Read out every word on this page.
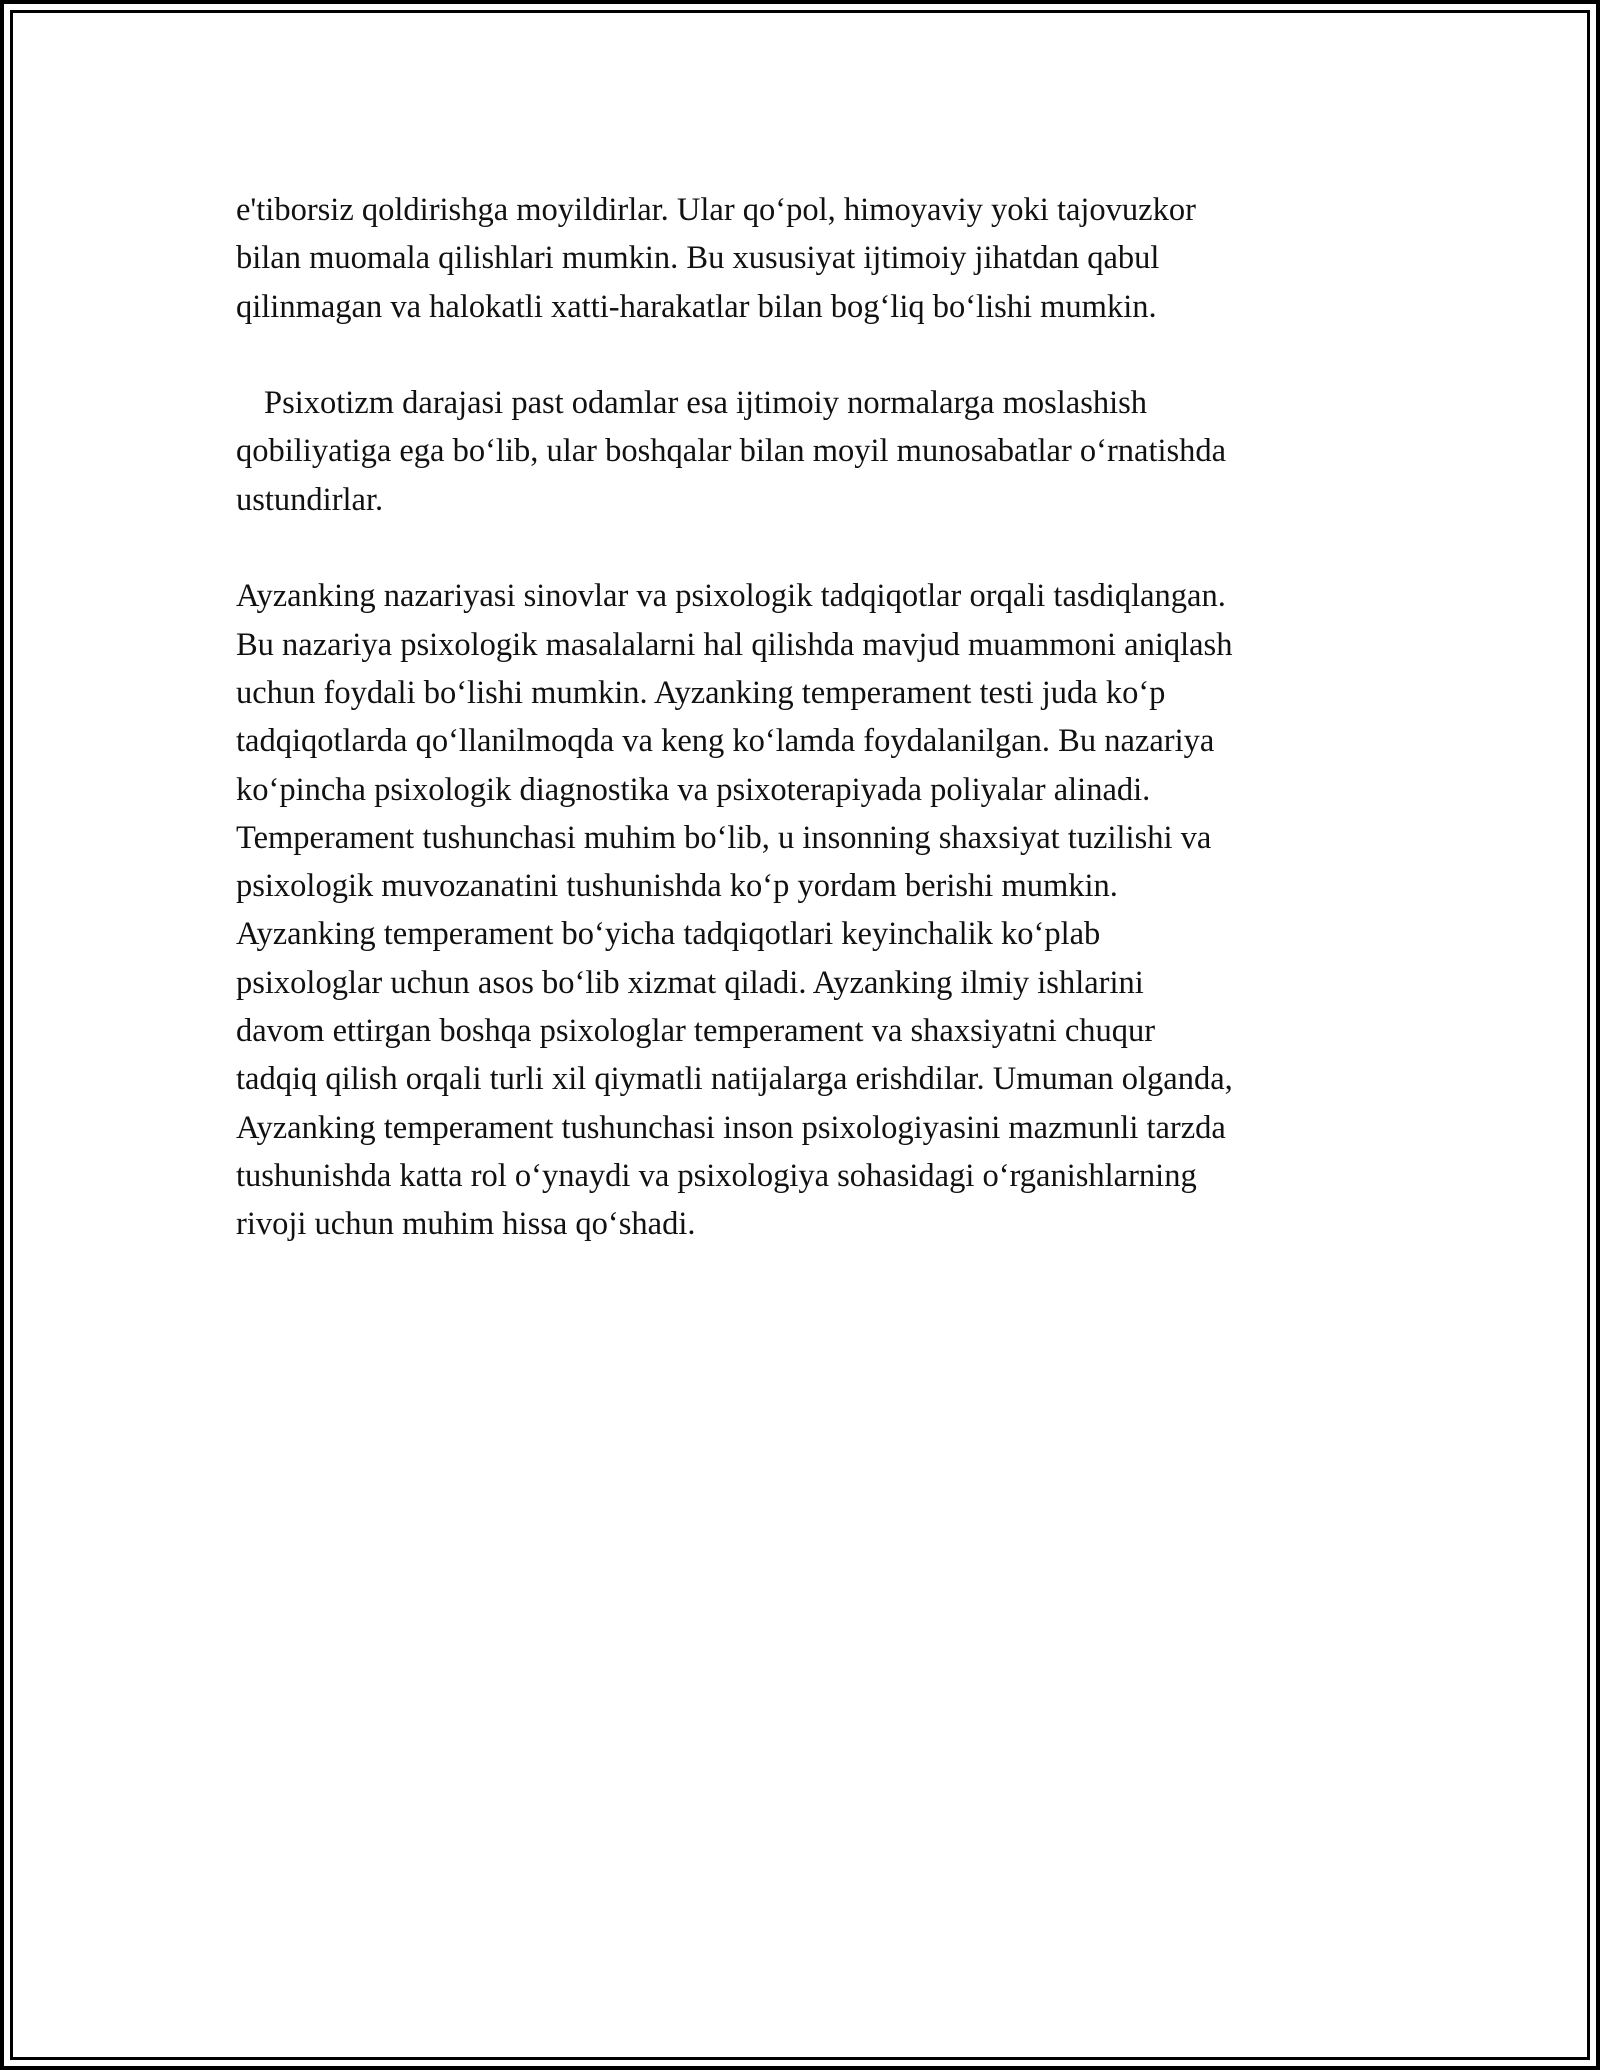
e'tiborsiz qoldirishga moyildirlar. Ular qo‘pol, himoyaviy yoki tajovuzkor
bilan muomala qilishlari mumkin. Bu xususiyat ijtimoiy jihatdan qabul
qilinmagan va halokatli xatti-harakatlar bilan bog‘liq bo‘lishi mumkin.
Psixotizm darajasi past odamlar esa ijtimoiy normalarga moslashish
qobiliyatiga ega bo‘lib, ular boshqalar bilan moyil munosabatlar o‘rnatishda
ustundirlar.
Ayzanking nazariyasi sinovlar va psixologik tadqiqotlar orqali tasdiqlangan.
Bu nazariya psixologik masalalarni hal qilishda mavjud muammoni aniqlash
uchun foydali bo‘lishi mumkin. Ayzanking temperament testi juda ko‘p
tadqiqotlarda qo‘llanilmoqda va keng ko‘lamda foydalanilgan. Bu nazariya
ko‘pincha psixologik diagnostika va psixoterapiyada poliyalar alinadi.
Temperament tushunchasi muhim bo‘lib, u insonning shaxsiyat tuzilishi va
psixologik muvozanatini tushunishda ko‘p yordam berishi mumkin.
Ayzanking temperament bo‘yicha tadqiqotlari keyinchalik ko‘plab
psixologlar uchun asos bo‘lib xizmat qiladi. Ayzanking ilmiy ishlarini
davom ettirgan boshqa psixologlar temperament va shaxsiyatni chuqur
tadqiq qilish orqali turli xil qiymatli natijalarga erishdilar. Umuman olganda,
Ayzanking temperament tushunchasi inson psixologiyasini mazmunli tarzda
tushunishda katta rol o‘ynaydi va psixologiya sohasidagi o‘rganishlarning
rivoji uchun muhim hissa qo‘shadi.
